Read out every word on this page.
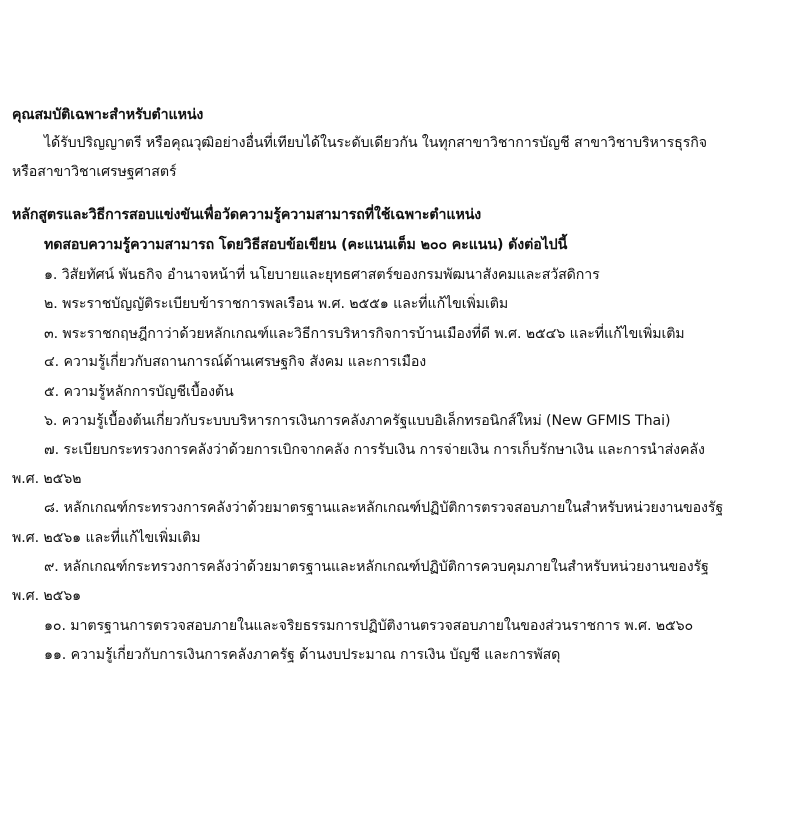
คุณสมบัติเฉพาะสำหรับตำแหน่ง
ได้รับปริญญาตรี หรือคุณวุฒิอย่างอื่นที่เทียบได้ในระดับเดียวกัน ในทุกสาขาวิชาการบัญชี สาขาวิชาบริหารธุรกิจ
หรือสาขาวิชาเศรษฐศาสตร์
หลักสูตรและวิธีการสอบแข่งขันเพื่อวัดความรู้ความสามารถที่ใช้เฉพาะตำแหน่ง
ทดสอบความรู้ความสามารถ โดยวิธีสอบข้อเขียน (คะแนนเต็ม ๒๐๐ คะแนน) ดังต่อไปนี้
๑. วิสัยทัศน์ พันธกิจ อำนาจหน้าที่ นโยบายและยุทธศาสตร์ของกรมพัฒนาสังคมและสวัสดิการ
๒. พระราชบัญญัติระเบียบข้าราชการพลเรือน พ.ศ. ๒๕๕๑ และที่แก้ไขเพิ่มเติม
๓. พระราชกฤษฎีกาว่าด้วยหลักเกณฑ์และวิธีการบริหารกิจการบ้านเมืองที่ดี พ.ศ. ๒๕๔๖ และที่แก้ไขเพิ่มเติม
๔. ความรู้เกี่ยวกับสถานการณ์ด้านเศรษฐกิจ สังคม และการเมือง
๕. ความรู้หลักการบัญชีเบื้องต้น
๖. ความรู้เบื้องต้นเกี่ยวกับระบบบริหารการเงินการคลังภาครัฐแบบอิเล็กทรอนิกส์ใหม่ (New GFMIS Thai)
๗. ระเบียบกระทรวงการคลังว่าด้วยการเบิกจากคลัง การรับเงิน การจ่ายเงิน การเก็บรักษาเงิน และการนำส่งคลัง
พ.ศ. ๒๕๖๒
๘. หลักเกณฑ์กระทรวงการคลังว่าด้วยมาตรฐานและหลักเกณฑ์ปฏิบัติการตรวจสอบภายในสำหรับหน่วยงานของรัฐ
พ.ศ. ๒๕๖๑ และที่แก้ไขเพิ่มเติม
๙. หลักเกณฑ์กระทรวงการคลังว่าด้วยมาตรฐานและหลักเกณฑ์ปฏิบัติการควบคุมภายในสำหรับหน่วยงานของรัฐ
พ.ศ. ๒๕๖๑
๑๐. มาตรฐานการตรวจสอบภายในและจริยธรรมการปฏิบัติงานตรวจสอบภายในของส่วนราชการ พ.ศ. ๒๕๖๐
๑๑. ความรู้เกี่ยวกับการเงินการคลังภาครัฐ ด้านงบประมาณ การเงิน บัญชี และการพัสดุ
